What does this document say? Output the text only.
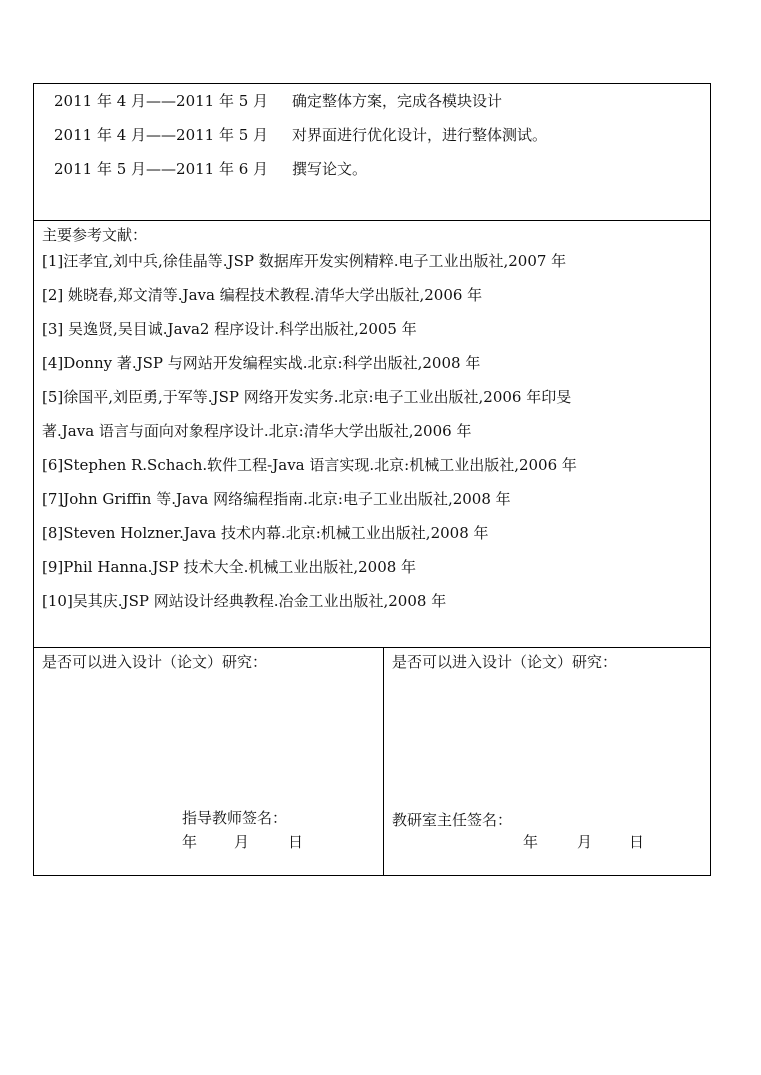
2011 年 4 月——2011 年 5 月 确定整体方案，完成各模块设计
2011 年 4 月——2011 年 5 月 对界面进行优化设计，进行整体测试。
2011 年 5 月——2011 年 6 月 撰写论文。
主要参考文献：
[1]汪孝宜,刘中兵,徐佳晶等.JSP 数据库开发实例精粹.电子工业出版社,2007 年
[2] 姚晓春,郑文清等.Java 编程技术教程.清华大学出版社,2006 年
[3] 吴逸贤,吴目诚.Java2 程序设计.科学出版社,2005 年
[4]Donny 著.JSP 与网站开发编程实战.北京:科学出版社,2008 年
[5]徐国平,刘臣勇,于军等.JSP 网络开发实务.北京:电子工业出版社,2006 年印旻
著.Java 语言与面向对象程序设计.北京:清华大学出版社,2006 年
[6]Stephen R.Schach.软件工程-Java 语言实现.北京:机械工业出版社,2006 年
[7]John Griffin 等.Java 网络编程指南.北京:电子工业出版社,2008 年
[8]Steven Holzner.Java 技术内幕.北京:机械工业出版社,2008 年
[9]Phil Hanna.JSP 技术大全.机械工业出版社,2008 年
[10]吴其庆.JSP 网站设计经典教程.冶金工业出版社,2008 年
是否可以进入设计（论文）研究：
指导教师签名：
年 月	日
是否可以进入设计（论文）研究：
教研室主任签名：
年	月 日
